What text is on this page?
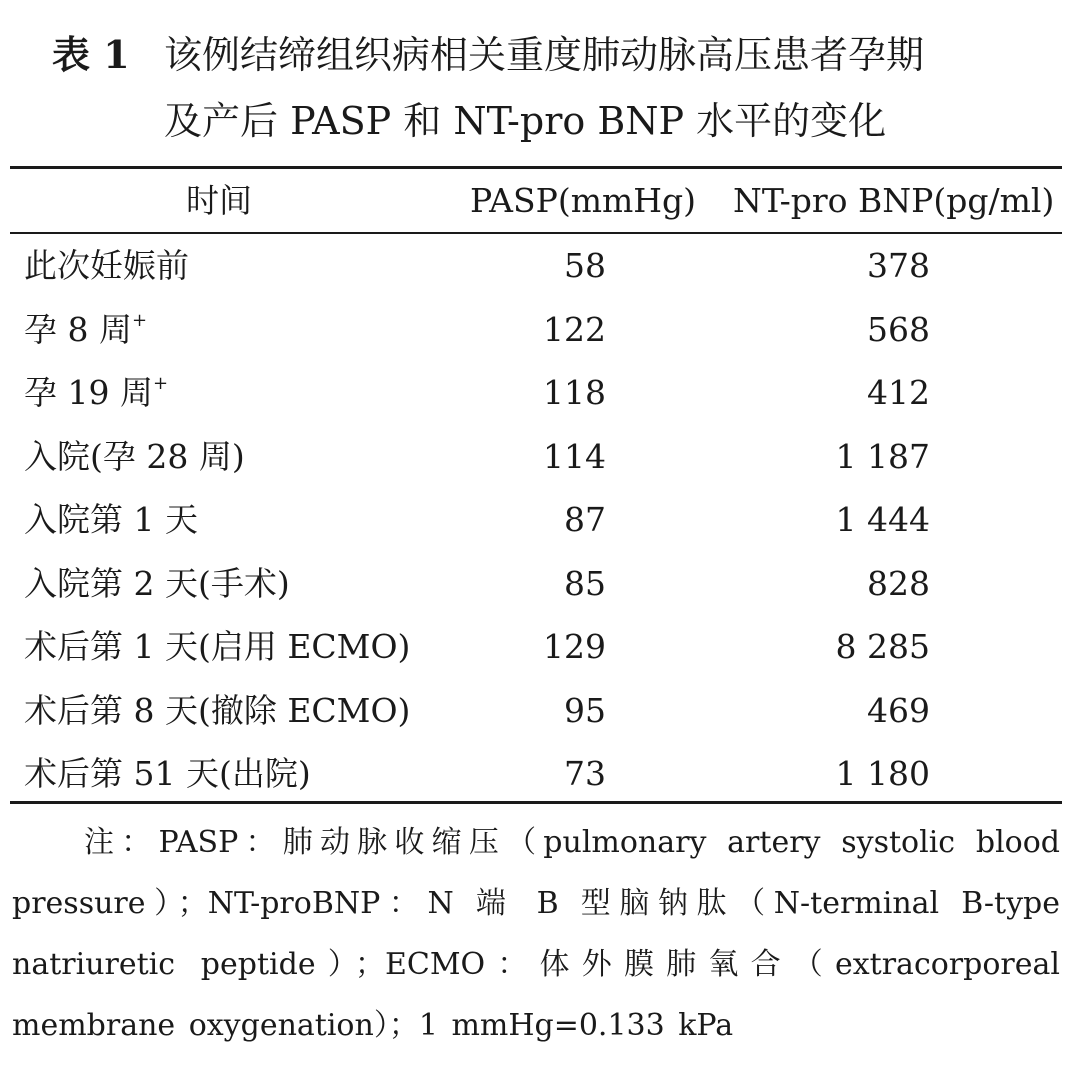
表 1 该例结缔组织病相关重度肺动脉高压患者孕期
及产后 PASP 和 NT-pro BNP 水平的变化
时间	PASP(mmHg) NT-pro BNP(pg/ml)
此次妊娠前	58	378
孕 8 周+	122	568
孕 19 周+	118	412
入院(孕 28 周)	114	1 187
入院第 1 天	87	1 444
入院第 2 天(手术)	85	828
术后第 1 天(启用 ECMO)	129	8 285
术后第 8 天(撤除 ECMO)	95	469
术后第 51 天(出院)	73	1 180
注：PASP：肺动脉收缩压（pulmonary artery systolic blood pressure）；NT-proBNP：N 端 B 型脑钠肽（N-terminal B-type natriuretic peptide）；ECMO：体外膜肺氧合（extracorporeal membrane oxygenation）；1 mmHg=0.133 kPa
